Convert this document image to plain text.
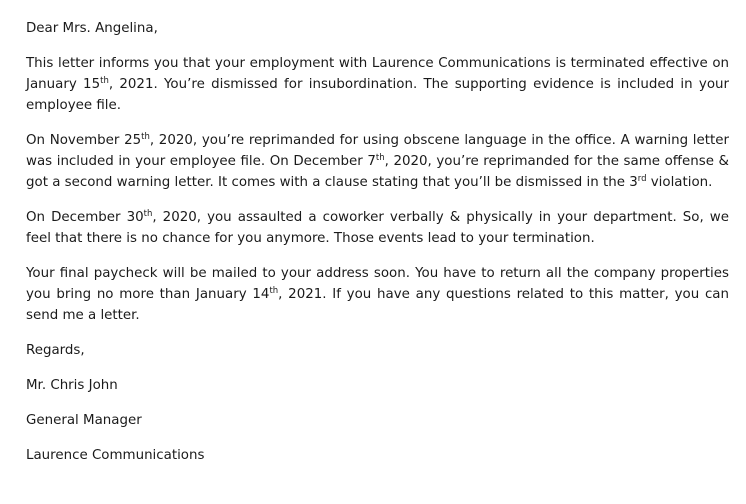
Dear Mrs. Angelina,

This letter informs you that your employment with Laurence Communications is terminated effective on January 15th, 2021. You’re dismissed for insubordination. The supporting evidence is included in your employee file.

On November 25th, 2020, you’re reprimanded for using obscene language in the office. A warning letter was included in your employee file. On December 7th, 2020, you’re reprimanded for the same offense & got a second warning letter. It comes with a clause stating that you’ll be dismissed in the 3rd violation.

On December 30th, 2020, you assaulted a coworker verbally & physically in your department. So, we feel that there is no chance for you anymore. Those events lead to your termination.

Your final paycheck will be mailed to your address soon. You have to return all the company properties you bring no more than January 14th, 2021. If you have any questions related to this matter, you can send me a letter.

Regards,

Mr. Chris John

General Manager

Laurence Communications
